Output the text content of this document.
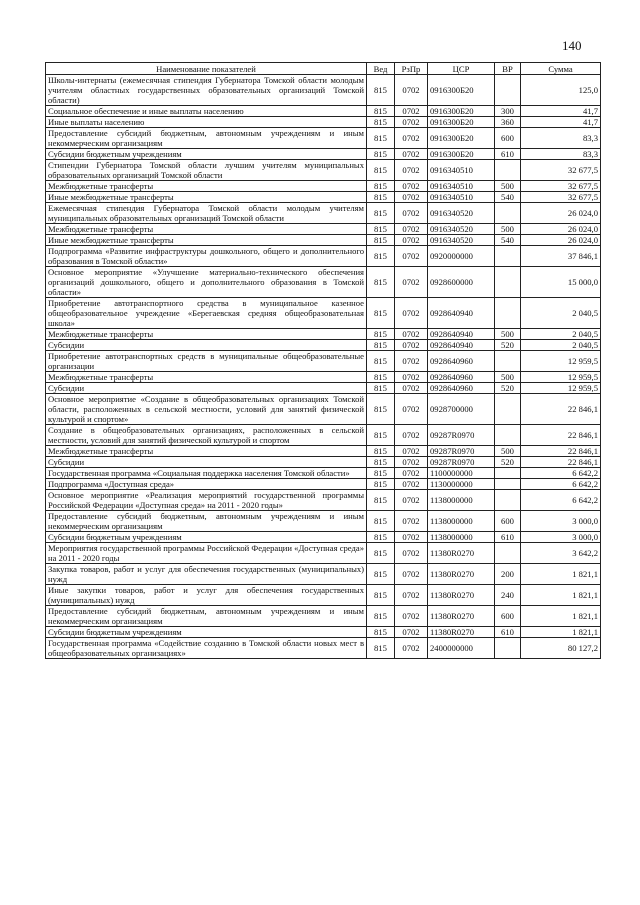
140
Наименование показателей	Вед	РзПр	ЦСР	ВР	Сумма
Школы-интернаты (ежемесячная стипендия Губернатора Томской области молодым учителям областных государственных образовательных организаций Томской области)	815	0702	0916300Б20		125,0
Социальное обеспечение и иные выплаты населению	815	0702	0916300Б20	300	41,7
Иные выплаты населению	815	0702	0916300Б20	360	41,7
Предоставление субсидий бюджетным, автономным учреждениям и иным некоммерческим организациям	815	0702	0916300Б20	600	83,3
Субсидии бюджетным учреждениям	815	0702	0916300Б20	610	83,3
Стипендии Губернатора Томской области лучшим учителям муниципальных образовательных организаций Томской области	815	0702	0916340510		32 677,5
Межбюджетные трансферты	815	0702	0916340510	500	32 677,5
Иные межбюджетные трансферты	815	0702	0916340510	540	32 677,5
Ежемесячная стипендия Губернатора Томской области молодым учителям муниципальных образовательных организаций Томской области	815	0702	0916340520		26 024,0
Межбюджетные трансферты	815	0702	0916340520	500	26 024,0
Иные межбюджетные трансферты	815	0702	0916340520	540	26 024,0
Подпрограмма «Развитие инфраструктуры дошкольного, общего и дополнительного образования в Томской области»	815	0702	0920000000		37 846,1
Основное мероприятие «Улучшение материально-технического обеспечения организаций дошкольного, общего и дополнительного образования в Томской области»	815	0702	0928600000		15 000,0
Приобретение автотранспортного средства в муниципальное казенное общеобразовательное учреждение «Берегаевская средняя общеобразовательная школа»	815	0702	0928640940		2 040,5
Межбюджетные трансферты	815	0702	0928640940	500	2 040,5
Субсидии	815	0702	0928640940	520	2 040,5
Приобретение автотранспортных средств в муниципальные общеобразовательные организации	815	0702	0928640960		12 959,5
Межбюджетные трансферты	815	0702	0928640960	500	12 959,5
Субсидии	815	0702	0928640960	520	12 959,5
Основное мероприятие «Создание в общеобразовательных организациях Томской области, расположенных в сельской местности, условий для занятий физической культурой и спортом»	815	0702	0928700000		22 846,1
Создание в общеобразовательных организациях, расположенных в сельской местности, условий для занятий физической культурой и спортом	815	0702	09287R0970		22 846,1
Межбюджетные трансферты	815	0702	09287R0970	500	22 846,1
Субсидии	815	0702	09287R0970	520	22 846,1
Государственная программа «Социальная поддержка населения Томской области»	815	0702	1100000000		6 642,2
Подпрограмма «Доступная среда»	815	0702	1130000000		6 642,2
Основное мероприятие «Реализация мероприятий государственной программы Российской Федерации «Доступная среда» на 2011 - 2020 годы»	815	0702	1138000000		6 642,2
Предоставление субсидий бюджетным, автономным учреждениям и иным некоммерческим организациям	815	0702	1138000000	600	3 000,0
Субсидии бюджетным учреждениям	815	0702	1138000000	610	3 000,0
Мероприятия государственной программы Российской Федерации «Доступная среда» на 2011 - 2020 годы	815	0702	11380R0270		3 642,2
Закупка товаров, работ и услуг для обеспечения государственных (муниципальных) нужд	815	0702	11380R0270	200	1 821,1
Иные закупки товаров, работ и услуг для обеспечения государственных (муниципальных) нужд	815	0702	11380R0270	240	1 821,1
Предоставление субсидий бюджетным, автономным учреждениям и иным некоммерческим организациям	815	0702	11380R0270	600	1 821,1
Субсидии бюджетным учреждениям	815	0702	11380R0270	610	1 821,1
Государственная программа «Содействие созданию в Томской области новых мест в общеобразовательных организациях»	815	0702	2400000000		80 127,2
